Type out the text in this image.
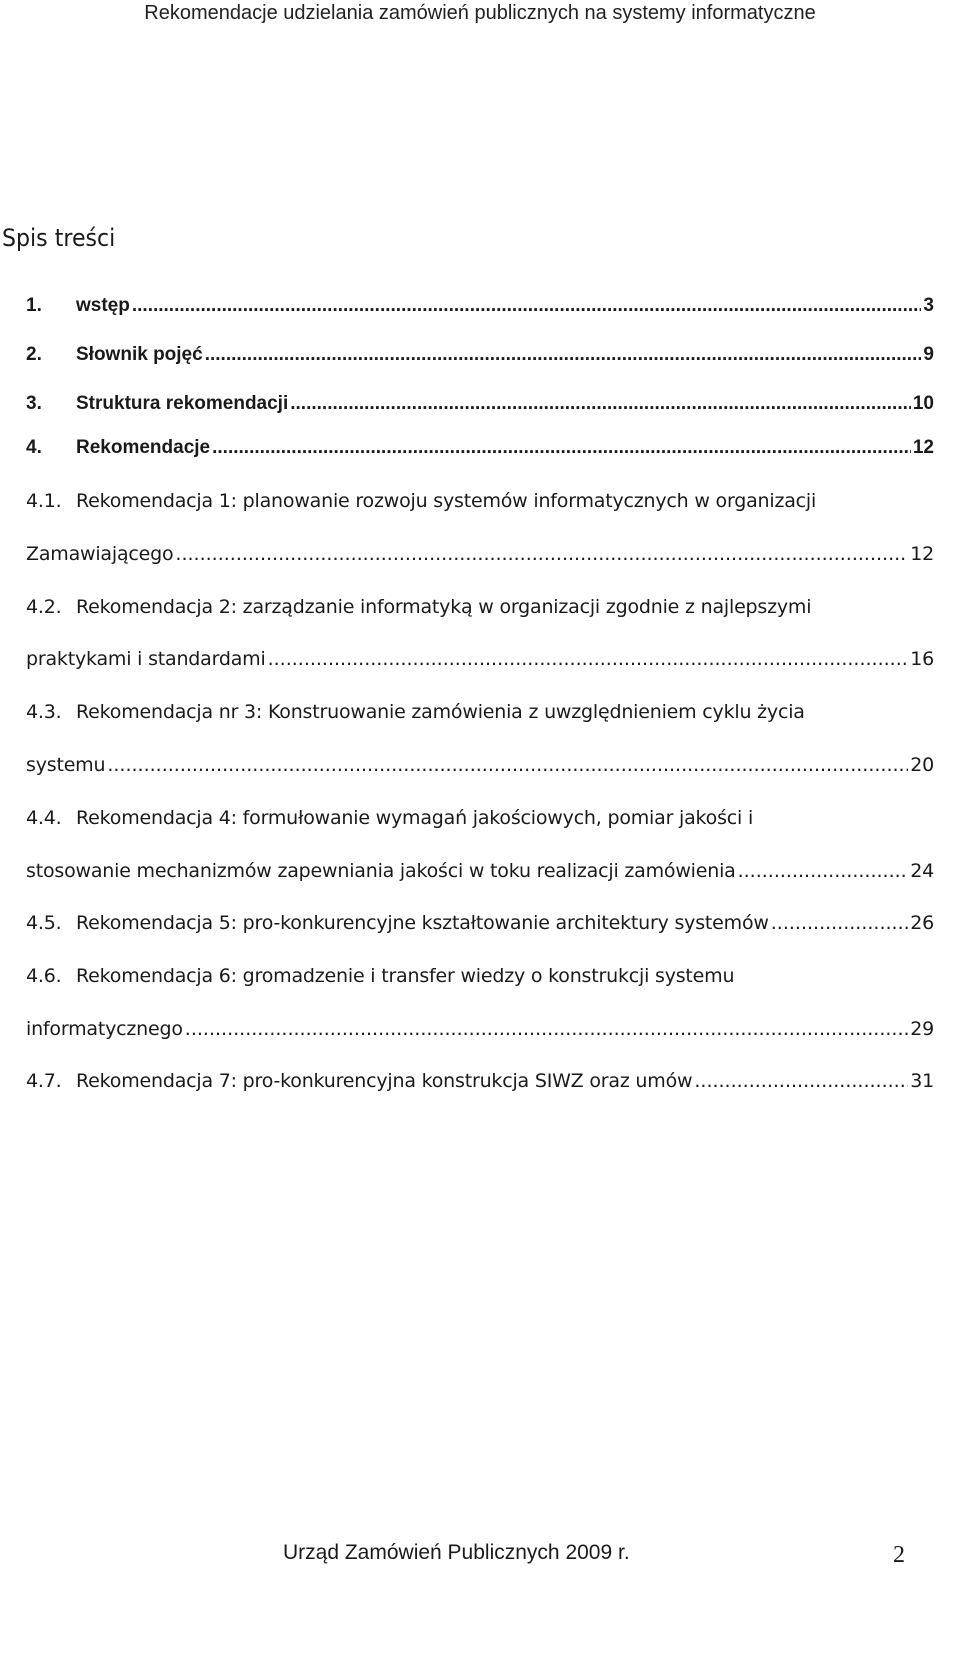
Rekomendacje udzielania zamówień publicznych na systemy informatyczne
Spis treści
1.	wstęp .....	3
2.	Słownik pojęć .....	9
3.	Struktura rekomendacji .....	10
4.	Rekomendacje .....	12
4.1. Rekomendacja 1: planowanie rozwoju systemów informatycznych w organizacji
Zamawiającego .....	12
4.2. Rekomendacja 2: zarządzanie informatyką w organizacji zgodnie z najlepszymi
praktykami i standardami .....	16
4.3. Rekomendacja nr 3: Konstruowanie zamówienia z uwzględnieniem cyklu życia
systemu .....	20
4.4. Rekomendacja 4: formułowanie wymagań jakościowych, pomiar jakości i
stosowanie mechanizmów zapewniania jakości w toku realizacji zamówienia .....	24
4.5. Rekomendacja 5: pro-konkurencyjne kształtowanie architektury systemów .....	26
4.6. Rekomendacja 6: gromadzenie i transfer wiedzy o konstrukcji systemu
informatycznego .....	29
4.7. Rekomendacja 7: pro-konkurencyjna konstrukcja SIWZ oraz umów .....	31
Urząd Zamówień Publicznych 2009 r.	2
